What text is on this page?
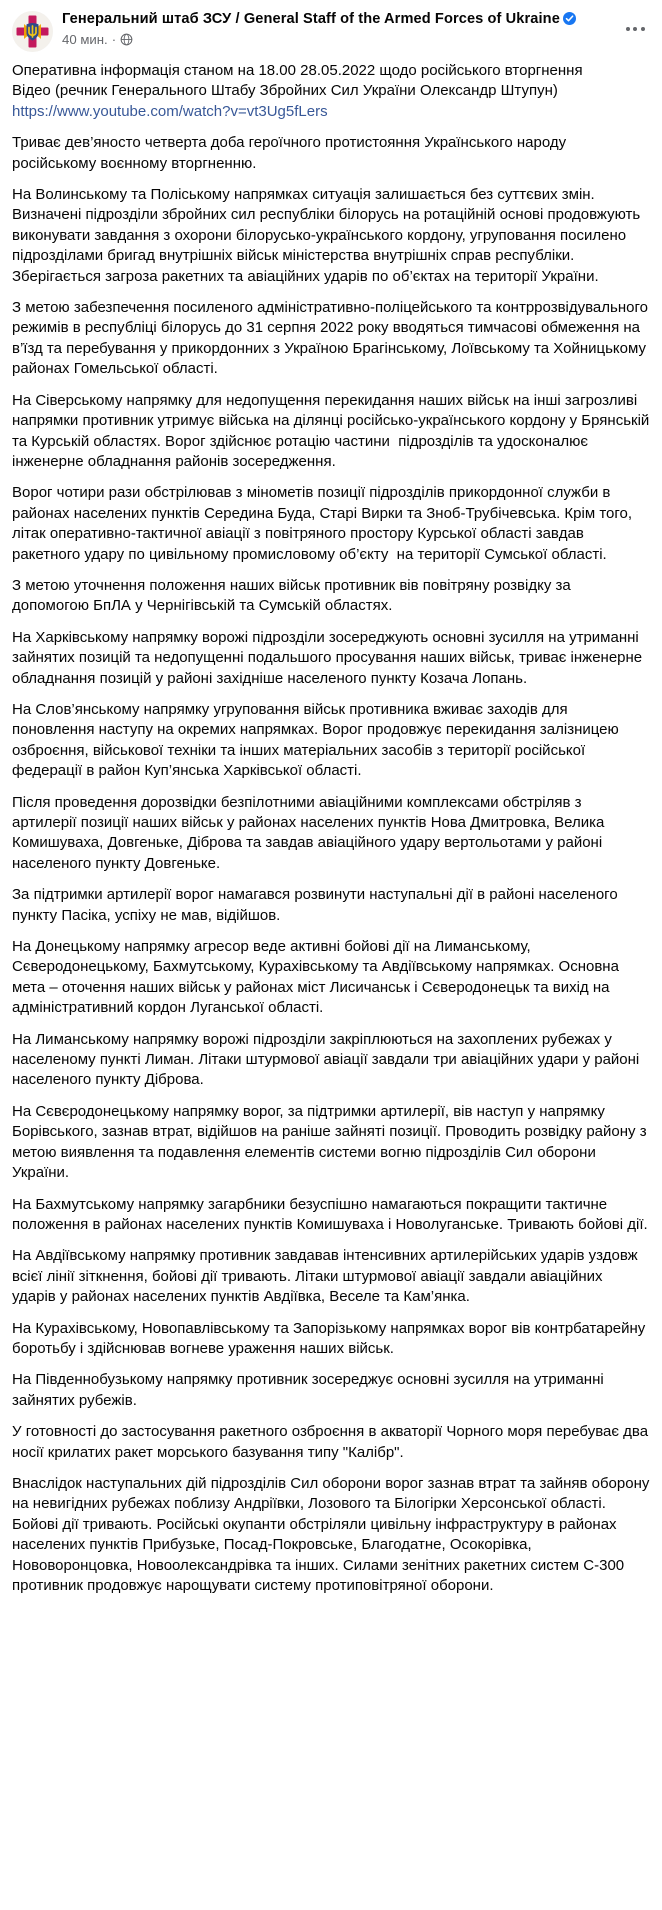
Генеральний штаб ЗСУ / General Staff of the Armed Forces of Ukraine
40 мин. ·

Оперативна інформація станом на 18.00 28.05.2022 щодо російського вторгнення

Відео (речник Генерального Штабу Збройних Сил України Олександр Штупун)

https://www.youtube.com/watch?v=vt3Ug5fLers

Триває дев’яносто четверта доба героїчного протистояння Українського народу російському воєнному вторгненню.

На Волинському та Поліському напрямках ситуація залишається без суттєвих змін. Визначені підрозділи збройних сил республіки білорусь на ротаційній основі продовжують виконувати завдання з охорони білорусько-українського кордону, угруповання посилено підрозділами бригад внутрішніх військ міністерства внутрішніх справ республіки. Зберігається загроза ракетних та авіаційних ударів по об’єктах на території України.

З метою забезпечення посиленого адміністративно-поліцейського та контррозвідувального режимів в республіці білорусь до 31 серпня 2022 року вводяться тимчасові обмеження на в’їзд та перебування у прикордонних з Україною Брагінському, Лоївському та Хойницькому районах Гомельської області.

На Сіверському напрямку для недопущення перекидання наших військ на інші загрозливі напрямки противник утримує війська на ділянці російсько-українського кордону у Брянській та Курській областях. Ворог здійснює ротацію частини  підрозділів та удосконалює інженерне обладнання районів зосередження.

Ворог чотири рази обстрілював з мінометів позиції підрозділів прикордонної служби в районах населених пунктів Середина Буда, Старі Вирки та Зноб-Трубічевська. Крім того, літак оперативно-тактичної авіації з повітряного простору Курської області завдав ракетного удару по цивільному промисловому об’єкту  на території Сумської області.

З метою уточнення положення наших військ противник вів повітряну розвідку за допомогою БпЛА у Чернігівській та Сумській областях.

На Харківському напрямку ворожі підрозділи зосереджують основні зусилля на утриманні зайнятих позицій та недопущенні подальшого просування наших військ, триває інженерне обладнання позицій у районі західніше населеного пункту Козача Лопань.

На Слов’янському напрямку угруповання військ противника вживає заходів для поновлення наступу на окремих напрямках. Ворог продовжує перекидання залізницею озброєння, військової техніки та інших матеріальних засобів з території російської федерації в район Куп’янська Харківської області.

Після проведення дорозвідки безпілотними авіаційними комплексами обстріляв з артилерії позиції наших військ у районах населених пунктів Нова Дмитровка, Велика Комишуваха, Довгеньке, Діброва та завдав авіаційного удару вертольотами у районі населеного пункту Довгеньке.

За підтримки артилерії ворог намагався розвинути наступальні дії в районі населеного пункту Пасіка, успіху не мав, відійшов.

На Донецькому напрямку агресор веде активні бойові дії на Лиманському, Сєверодонецькому, Бахмутському, Курахівському та Авдіївському напрямках. Основна мета – оточення наших військ у районах міст Лисичанськ і Сєверодонецьк та вихід на адміністративний кордон Луганської області.

На Лиманському напрямку ворожі підрозділи закріплюються на захоплених рубежах у населеному пункті Лиман. Літаки штурмової авіації завдали три авіаційних удари у районі населеного пункту Діброва.

На Сєвєродонецькому напрямку ворог, за підтримки артилерії, вів наступ у напрямку Борівського, зазнав втрат, відійшов на раніше зайняті позиції. Проводить розвідку району з метою виявлення та подавлення елементів системи вогню підрозділів Сил оборони України.

На Бахмутському напрямку загарбники безуспішно намагаються покращити тактичне положення в районах населених пунктів Комишуваха і Новолуганське. Тривають бойові дії.

На Авдіївському напрямку противник завдавав інтенсивних артилерійських ударів уздовж всієї лінії зіткнення, бойові дії тривають. Літаки штурмової авіації завдали авіаційних ударів у районах населених пунктів Авдіївка, Веселе та Кам’янка.

На Курахівському, Новопавлівському та Запорізькому напрямках ворог вів контрбатарейну боротьбу і здійснював вогневе ураження наших військ.

На Південнобузькому напрямку противник зосереджує основні зусилля на утриманні зайнятих рубежів.

У готовності до застосування ракетного озброєння в акваторії Чорного моря перебуває два носії крилатих ракет морського базування типу "Калібр".

Внаслідок наступальних дій підрозділів Сил оборони ворог зазнав втрат та зайняв оборону на невигідних рубежах поблизу Андріївки, Лозового та Білогірки Херсонської області. Бойові дії тривають. Російські окупанти обстріляли цивільну інфраструктуру в районах населених пунктів Прибузьке, Посад-Покровське, Благодатне, Осокорівка, Нововоронцовка, Новоолександрівка та інших. Силами зенітних ракетних систем С-300 противник продовжує нарощувати систему протиповітряної оборони.
